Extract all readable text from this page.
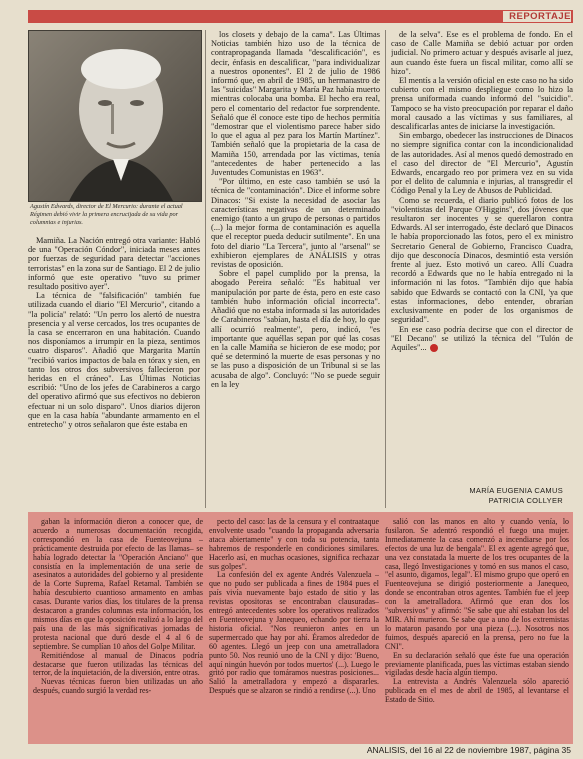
REPORTAJE
Agustín Edwards, director de El Mercurio: durante el actual Régimen debió vivir la primera encrucijada de su vida por columnias e injurias.

Mamiña. La Nación entregó otra variante: Habló de una "Operación Cóndor", iniciada meses antes por fuerzas de seguridad para detectar "acciones terroristas" en la zona sur de Santiago. El 2 de julio informó que este operativo "tuvo su primer resultado positivo ayer".

La técnica de "falsificación" también fue utilizada cuando el diario "El Mercurio", citando a "la policía" relató: "Un perro los alertó de nuestra presencia y al verse cercados, los tres ocupantes de la casa se encerraron en una habitación. Cuando nos disponíamos a irrumpir en la pieza, sentimos cuatro disparos". Añadió que Margarita Martín "recibió varios impactos de bala en tórax y sien, en tanto los otros dos subversivos fallecieron por heridas en el cráneo". Las Últimas Noticias escribió: "Uno de los jefes de Carabineros a cargo del operativo afirmó que sus efectivos no debieron efectuar ni un solo disparo". Unos diarios dijeron que en la casa había "abundante armamento en el entretecho" y otros señalaron que éste estaba en

los closets y debajo de la cama". Las Últimas Noticias también hizo uso de la técnica de contrapropaganda llamada "descalificación", es decir, énfasis en descalificar, "para individualizar a nuestros oponentes". El 2 de julio de 1986 informó que, en abril de 1985, un hermanastro de las "suicidas" Margarita y María Paz había muerto mientras colocaba una bomba. El hecho era real, pero el comentario del redactor fue sorprendente. Señaló que él conoce este tipo de hechos permitía "demostrar que el violentismo parece haber sido lo que el agua al pez para los Martín Martínez". También señaló que la propietaria de la casa de Mamiña 150, arrendada por las víctimas, tenía "antecedentes de haber pertenecido a las Juventudes Comunistas en 1963".

"Por último, en este caso también se usó la técnica de "contaminación". Dice el informe sobre Dinacos: "Si existe la necesidad de asociar las características negativas de un determinado enemigo (tanto a un grupo de personas o partidos (...) la mejor forma de contaminación es aquella que el receptor pueda deducir sutilmente". En una foto del diario "La Tercera", junto al "arsenal" se exhibieron ejemplares de ANÁLISIS y otras revistas de oposición.

Sobre el papel cumplido por la prensa, la abogado Pereira señaló: "Es habitual ver manipulación por parte de ésta, pero en este caso también hubo información oficial incorrecta". Añadió que no estaba informada si las autoridades de Carabineros "sabían, hasta el día de hoy, lo que allí ocurrió realmente", pero, indicó, "es importante que aquéllas sepan por qué las cosas en la calle Mamiña se hicieron de ese modo; por qué se determinó la muerte de esas personas y no se las puso a disposición de un Tribunal si se las acusaba de algo". Concluyó: "No se puede seguir en la ley

de la selva". Ese es el problema de fondo. En el caso de Calle Mamiña se debió actuar por orden judicial. No primero actuar y después avisarle al juez, aun cuando éste fuera un fiscal militar, como allí se hizo".

El mentís a la versión oficial en este caso no ha sido cubierto con el mismo despliegue como lo hizo la prensa uniformada cuando informó del "suicidio". Tampoco se ha visto preocupación por reparar el daño moral causado a las víctimas y sus familiares, al descalificarlas antes de iniciarse la investigación.

Sin embargo, obedecer las instrucciones de Dinacos no siempre significa contar con la incondicionalidad de las autoridades. Así al menos quedó demostrado en el caso del director de "El Mercurio", Agustín Edwards, encargado reo por primera vez en su vida por el delito de calumnia e injurias, al transgredir el Código Penal y la Ley de Abusos de Publicidad.

Como se recuerda, el diario publicó fotos de los "violentistas del Parque O'Higgins", dos jóvenes que resultaron ser inocentes y se querellaron contra Edwards. Al ser interrogado, éste declaró que Dinacos le había proporcionado las fotos, pero el ex ministro Secretario General de Gobierno, Francisco Cuadra, dijo que desconocía Dinacos, desmintió esta versión frente al juez. Esto motivó un careo. Allí Cuadra recordó a Edwards que no le había entregado ni la información ni las fotos. "También dijo que había sabido que Edwards se contactó con la CNI, 'ya que estas informaciones, debo entender, obrarían exclusivamente en poder de los organismos de seguridad".

En ese caso podría decirse que con el director de "El Decano" se utilizó la técnica del "Tulón de Aquiles"...

MARÍA EUGENIA CAMUS
PATRICIA COLLYER

gaban la información dieron a conocer que, de acuerdo a numerosas documentación recogida, correspondió en la casa de Fuenteovejuna –prácticamente destruida por efecto de las llamas– se había logrado detectar la "Operación Anciano" que consistía en la implementación de una serie de asesinatos a autoridades del gobierno y al presidente de la Corte Suprema, Rafael Retamal. También se había descubierto cuantioso armamento en ambas casas. Durante varios días, los titulares de la prensa destacaron a grandes columnas esta información, los mismos días en que la oposición realizó a lo largo del país una de las más significativas jornadas de protesta nacional que duró desde el 4 al 6 de septiembre. Se cumplían 10 años del Golpe Militar.

Remitiéndose al manual de Dinacos podría destacarse que fueron utilizadas las técnicas del terror, de la inquietación, de la diversión, entre otras.

Nuevas técnicas fueron bien utilizadas un año después, cuando surgió la verdad res-

pecto del caso: las de la censura y el contraataque envolvente usado "cuando la propaganda adversaria ataca abiertamente" y con toda su potencia, tanta habremos de responderle en condiciones similares. Hacerlo así, en muchas ocasiones, significa rechazar sus golpes".

La confesión del ex agente Andrés Valenzuela –que no pudo ser publicada a fines de 1984 pues el país vivía nuevamente bajo estado de sitio y las revistas opositoras se encontraban clausuradas– entregó antecedentes sobre los operativos realizados en Fuenteovejuna y Janequeo, echando por tierra la historia oficial. "Nos reunieron antes en un supermercado que hay por ahí. Éramos alrededor de 60 agentes. Llegó un jeep con una ametralladora punto 50. Nos reunió uno de la CNI y dijo: 'Bueno, aquí ningún huevón por todos muertos' (...). Luego le gritó por radio que tomáramos nuestras posiciones... Salió la ametralladora y empezó a dispararles. Después que se alzaron se rindió a rendirse (...). Uno

salió con las manos en alto y cuando venía, lo fusilaron. Se adentró respondió el fuego una mujer. Inmediatamente la casa comenzó a incendiarse por los efectos de una luz de bengala". El ex agente agregó que, una vez constatada la muerte de los tres ocupantes de la casa, llegó Investigaciones y tomó en sus manos el caso, "el asunto, digamos, legal". El mismo grupo que operó en Fuenteovejuna se dirigió posteriormente a Janequeo, donde se encontraban otros agentes. También fue el jeep con la ametralladora. Afirmó que eran dos los "subversivos" y afirmó: "Se sabe que ahí estaban los del MIR. Ahí murieron. Se sabe que a uno de los extremistas lo mataron pasando por una pieza (...). Nosotros nos fuimos, después apareció en la prensa, pero no fue la CNI".

En su declaración señaló que éste fue una operación previamente planificada, pues las víctimas estaban siendo vigiladas desde hacía algún tiempo.

La entrevista a Andrés Valenzuela sólo apareció publicada en el mes de abril de 1985, al levantarse el Estado de Sitio.

ANALISIS, del 16 al 22 de noviembre 1987, página 35
